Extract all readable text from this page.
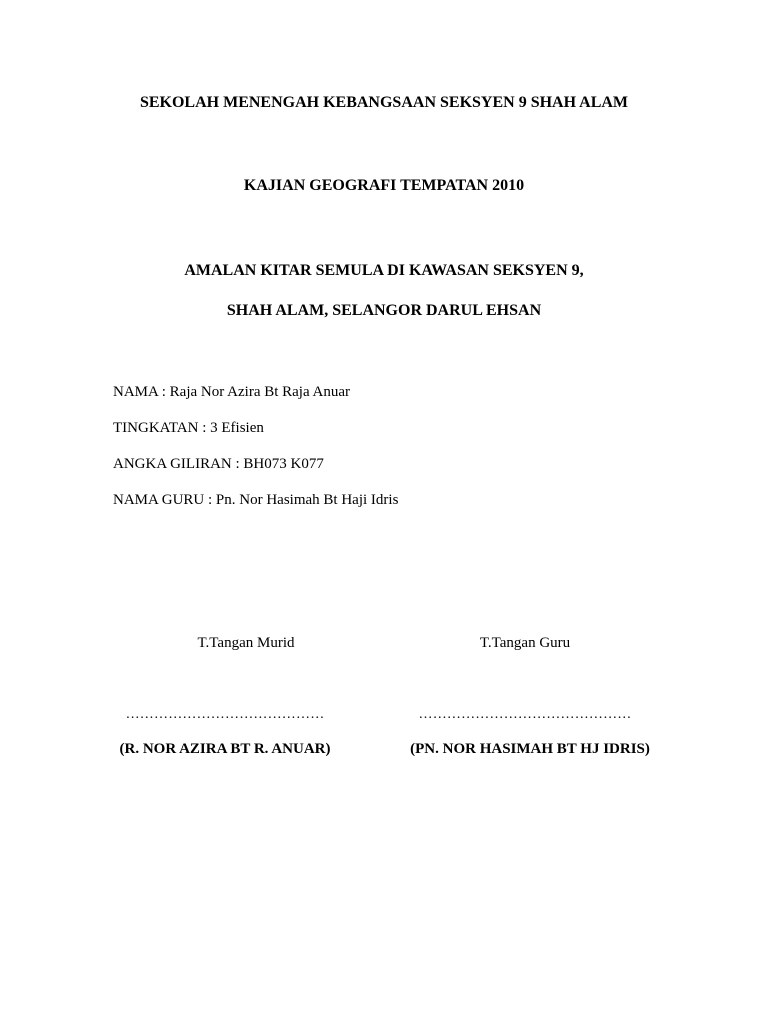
SEKOLAH MENENGAH KEBANGSAAN SEKSYEN 9 SHAH ALAM
KAJIAN GEOGRAFI TEMPATAN 2010
AMALAN KITAR SEMULA DI KAWASAN SEKSYEN 9,
SHAH ALAM, SELANGOR DARUL EHSAN
NAMA : Raja Nor Azira Bt Raja Anuar
TINGKATAN : 3 Efisien
ANGKA GILIRAN : BH073 K077
NAMA GURU : Pn. Nor Hasimah Bt Haji Idris
T.Tangan Murid
……………………………………
(R. NOR AZIRA BT R. ANUAR)
T.Tangan Guru
………………………………………
(PN. NOR HASIMAH BT HJ IDRIS)
